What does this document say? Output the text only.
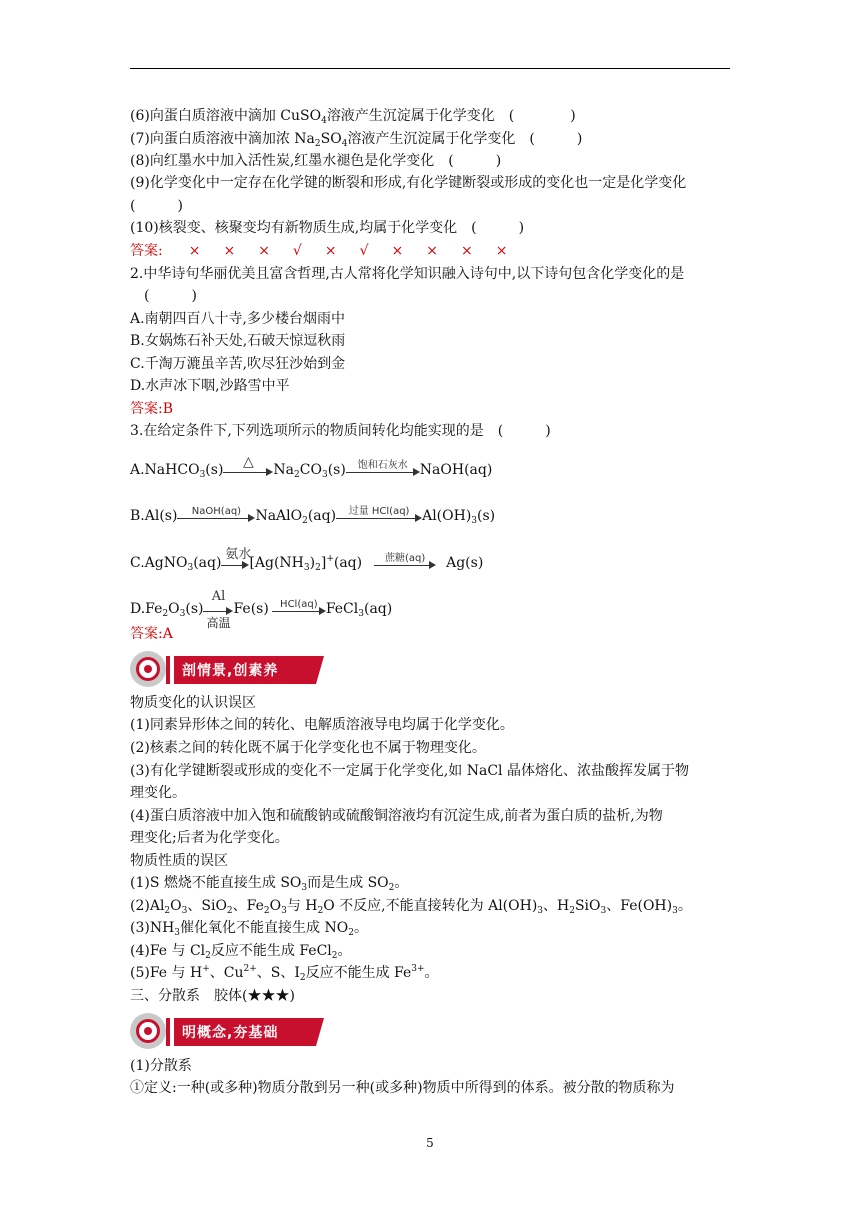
(6)向蛋白质溶液中滴加 CuSO$_4$溶液产生沉淀属于化学变化　(　　　　)
(7)向蛋白质溶液中滴加浓 $Na_2SO_4$溶液产生沉淀属于化学变化　(　　　)
(8)向红墨水中加入活性炭,红墨水褪色是化学变化　(　　　)
(9)化学变化中一定存在化学键的断裂和形成,有化学键断裂或形成的变化也一定是化学变化
(　　　)
(10)核裂变、核聚变均有新物质生成,均属于化学变化　(　　　)
答案: × × × √ × √ × × × ×
2.中华诗句华丽优美且富含哲理,古人常将化学知识融入诗句中,以下诗句包含化学变化的是
(　　　)
A.南朝四百八十寺,多少楼台烟雨中
B.女娲炼石补天处,石破天惊逗秋雨
C.千淘万漉虽辛苦,吹尽狂沙始到金
D.水声冰下咽,沙路雪中平
答案:B
3.在给定条件下,下列选项所示的物质间转化均能实现的是　(　　　)
A.NaHCO$_3$(s)	△	$Na_2CO_3(s)$	饱和石灰水 NaOH(aq)
B.Al(s)	NaOH(aq)	NaAlO$_2$(aq)	过量 HCl(aq) $Al(OH)_3(s)$
C.AgNO$_3$(aq)
氨水
$[Ag(NH_3)_2]^+(aq)$	蔗糖(aq)	Ag(s)
$D.Fe_2O_3(s)$
Al
高温
Fe(s)	HCl(aq) FeCl$_3$(aq)
答案:A
剖情景,创素养
物质变化的认识误区
(1)同素异形体之间的转化、电解质溶液导电均属于化学变化。
(2)核素之间的转化既不属于化学变化也不属于物理变化。
(3)有化学键断裂或形成的变化不一定属于化学变化,如 NaCl 晶体熔化、浓盐酸挥发属于物
理变化。
(4)蛋白质溶液中加入饱和硫酸钠或硫酸铜溶液均有沉淀生成,前者为蛋白质的盐析,为物
理变化;后者为化学变化。
物质性质的误区
(1)S 燃烧不能直接生成 $SO_3$而是生成 $SO_2$。
$(2)Al_2O_3$、SiO$_2$、$Fe_2O_3$与 $H_2O$ 不反应,不能直接转化为 $Al(OH)_3$、$H_2SiO_3$、$Fe(OH)_3$。
$(3)NH_3$催化氧化不能直接生成 $NO_2$。
(4)Fe 与 $Cl_2$反应不能生成 FeCl$_2$。
(5)Fe 与 H+、$Cu^{2+}$、S、$I_2$反应不能生成 $Fe^{3+}$。
三、分散系　胶体(★★★)
明概念,夯基础
(1)分散系
①定义:一种(或多种)物质分散到另一种(或多种)物质中所得到的体系。被分散的物质称为
5
